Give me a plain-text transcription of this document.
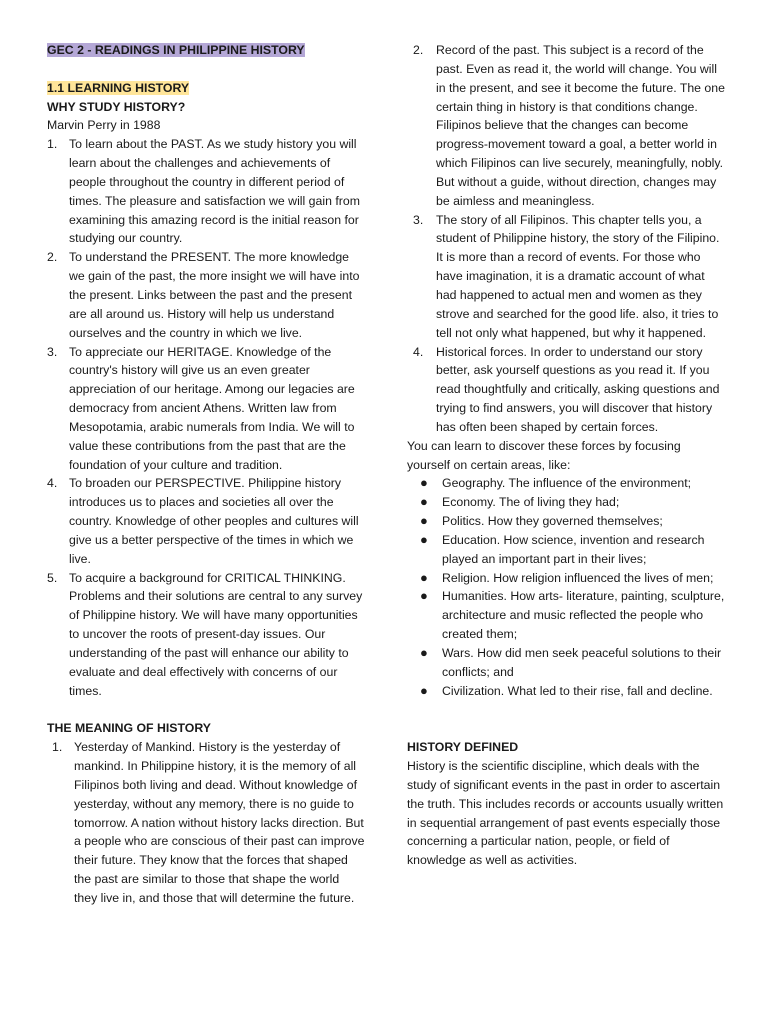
GEC 2 - READINGS IN PHILIPPINE HISTORY

1.1 LEARNING HISTORY

WHY STUDY HISTORY?

Marvin Perry in 1988

1. To learn about the PAST. As we study history you will learn about the challenges and achievements of people throughout the country in different period of times. The pleasure and satisfaction we will gain from examining this amazing record is the initial reason for studying our country.
2. To understand the PRESENT. The more knowledge we gain of the past, the more insight we will have into the present. Links between the past and the present are all around us. History will help us understand ourselves and the country in which we live.
3. To appreciate our HERITAGE. Knowledge of the country's history will give us an even greater appreciation of our heritage. Among our legacies are democracy from ancient Athens. Written law from Mesopotamia, arabic numerals from India. We will to value these contributions from the past that are the foundation of your culture and tradition.
4. To broaden our PERSPECTIVE. Philippine history introduces us to places and societies all over the country. Knowledge of other peoples and cultures will give us a better perspective of the times in which we live.
5. To acquire a background for CRITICAL THINKING. Problems and their solutions are central to any survey of Philippine history. We will have many opportunities to uncover the roots of present-day issues. Our understanding of the past will enhance our ability to evaluate and deal effectively with concerns of our times.

THE MEANING OF HISTORY

1. Yesterday of Mankind. History is the yesterday of mankind. In Philippine history, it is the memory of all Filipinos both living and dead. Without knowledge of yesterday, without any memory, there is no guide to tomorrow. A nation without history lacks direction. But a people who are conscious of their past can improve their future. They know that the forces that shaped the past are similar to those that shape the world they live in, and those that will determine the future.
2. Record of the past. This subject is a record of the past. Even as read it, the world will change. You will in the present, and see it become the future. The one certain thing in history is that conditions change. Filipinos believe that the changes can become progress-movement toward a goal, a better world in which Filipinos can live securely, meaningfully, nobly. But without a guide, without direction, changes may be aimless and meaningless.
3. The story of all Filipinos. This chapter tells you, a student of Philippine history, the story of the Filipino. It is more than a record of events. For those who have imagination, it is a dramatic account of what had happened to actual men and women as they strove and searched for the good life. also, it tries to tell not only what happened, but why it happened.
4. Historical forces. In order to understand our story better, ask yourself questions as you read it. If you read thoughtfully and critically, asking questions and trying to find answers, you will discover that history has often been shaped by certain forces.

You can learn to discover these forces by focusing yourself on certain areas, like:

● Geography. The influence of the environment;
● Economy. The of living they had;
● Politics. How they governed themselves;
● Education. How science, invention and research played an important part in their lives;
● Religion. How religion influenced the lives of men;
● Humanities. How arts- literature, painting, sculpture, architecture and music reflected the people who created them;
● Wars. How did men seek peaceful solutions to their conflicts; and
● Civilization. What led to their rise, fall and decline.

HISTORY DEFINED

History is the scientific discipline, which deals with the study of significant events in the past in order to ascertain the truth. This includes records or accounts usually written in sequential arrangement of past events especially those concerning a particular nation, people, or field of knowledge as well as activities.
